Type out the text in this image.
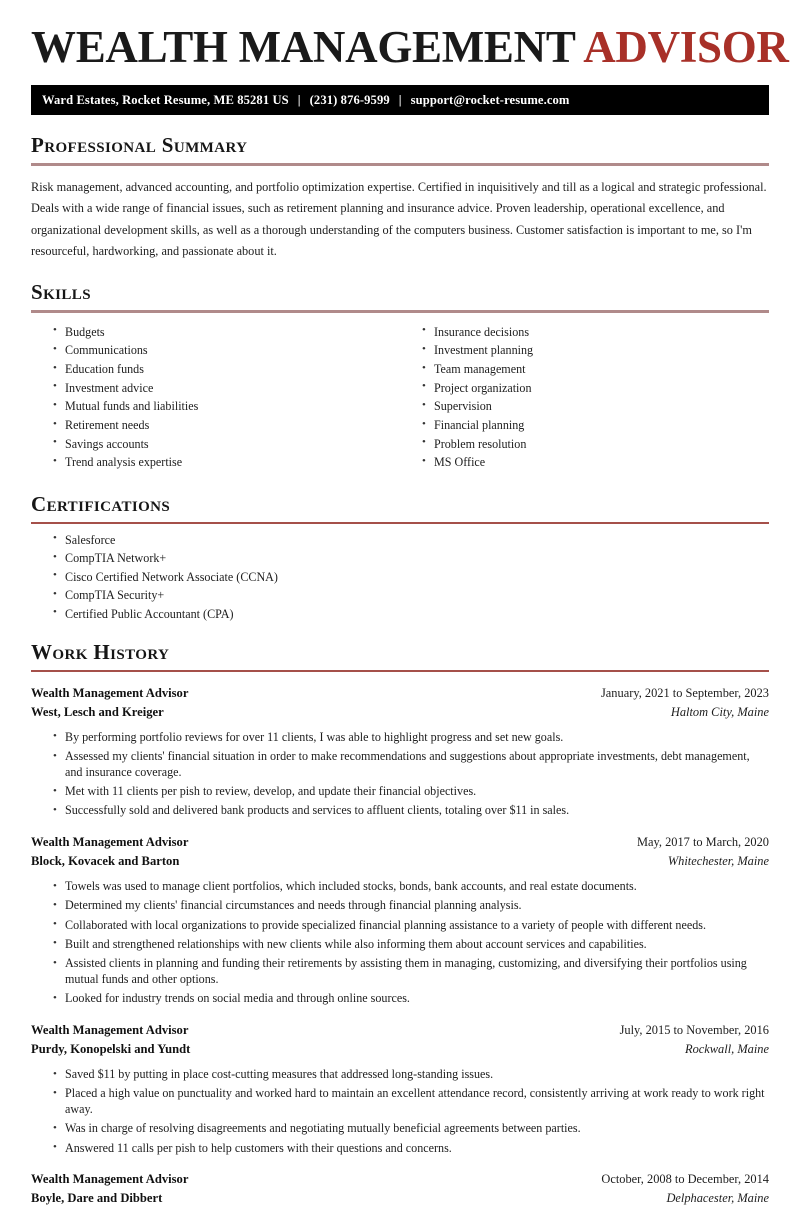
WEALTH MANAGEMENT ADVISOR
Ward Estates, Rocket Resume, ME 85281 US | (231) 876-9599 | support@rocket-resume.com
Professional Summary

Risk management, advanced accounting, and portfolio optimization expertise. Certified in inquisitively and till as a logical and strategic professional. Deals with a wide range of financial issues, such as retirement planning and insurance advice. Proven leadership, operational excellence, and organizational development skills, as well as a thorough understanding of the computers business. Customer satisfaction is important to me, so I'm resourceful, hardworking, and passionate about it.

Skills
• Budgets
• Communications
• Education funds
• Investment advice
• Mutual funds and liabilities
• Retirement needs
• Savings accounts
• Trend analysis expertise
• Insurance decisions
• Investment planning
• Team management
• Project organization
• Supervision
• Financial planning
• Problem resolution
• MS Office
Certifications
• Salesforce
• CompTIA Network+
• Cisco Certified Network Associate (CCNA)
• CompTIA Security+
• Certified Public Accountant (CPA)
Work History
Wealth Management Advisor	January, 2021 to September, 2023
West, Lesch and Kreiger	Haltom City, Maine
• By performing portfolio reviews for over 11 clients, I was able to highlight progress and set new goals.
• Assessed my clients' financial situation in order to make recommendations and suggestions about appropriate investments, debt management, and insurance coverage.
• Met with 11 clients per pish to review, develop, and update their financial objectives.
• Successfully sold and delivered bank products and services to affluent clients, totaling over $11 in sales.
Wealth Management Advisor	May, 2017 to March, 2020
Block, Kovacek and Barton	Whitechester, Maine
• Towels was used to manage client portfolios, which included stocks, bonds, bank accounts, and real estate documents.
• Determined my clients' financial circumstances and needs through financial planning analysis.
• Collaborated with local organizations to provide specialized financial planning assistance to a variety of people with different needs.
• Built and strengthened relationships with new clients while also informing them about account services and capabilities.
• Assisted clients in planning and funding their retirements by assisting them in managing, customizing, and diversifying their portfolios using mutual funds and other options.
• Looked for industry trends on social media and through online sources.
Wealth Management Advisor	July, 2015 to November, 2016
Purdy, Konopelski and Yundt	Rockwall, Maine
• Saved $11 by putting in place cost-cutting measures that addressed long-standing issues.
• Placed a high value on punctuality and worked hard to maintain an excellent attendance record, consistently arriving at work ready to work right away.
• Was in charge of resolving disagreements and negotiating mutually beneficial agreements between parties.
• Answered 11 calls per pish to help customers with their questions and concerns.
Wealth Management Advisor	October, 2008 to December, 2014
Boyle, Dare and Dibbert	Delphacester, Maine
